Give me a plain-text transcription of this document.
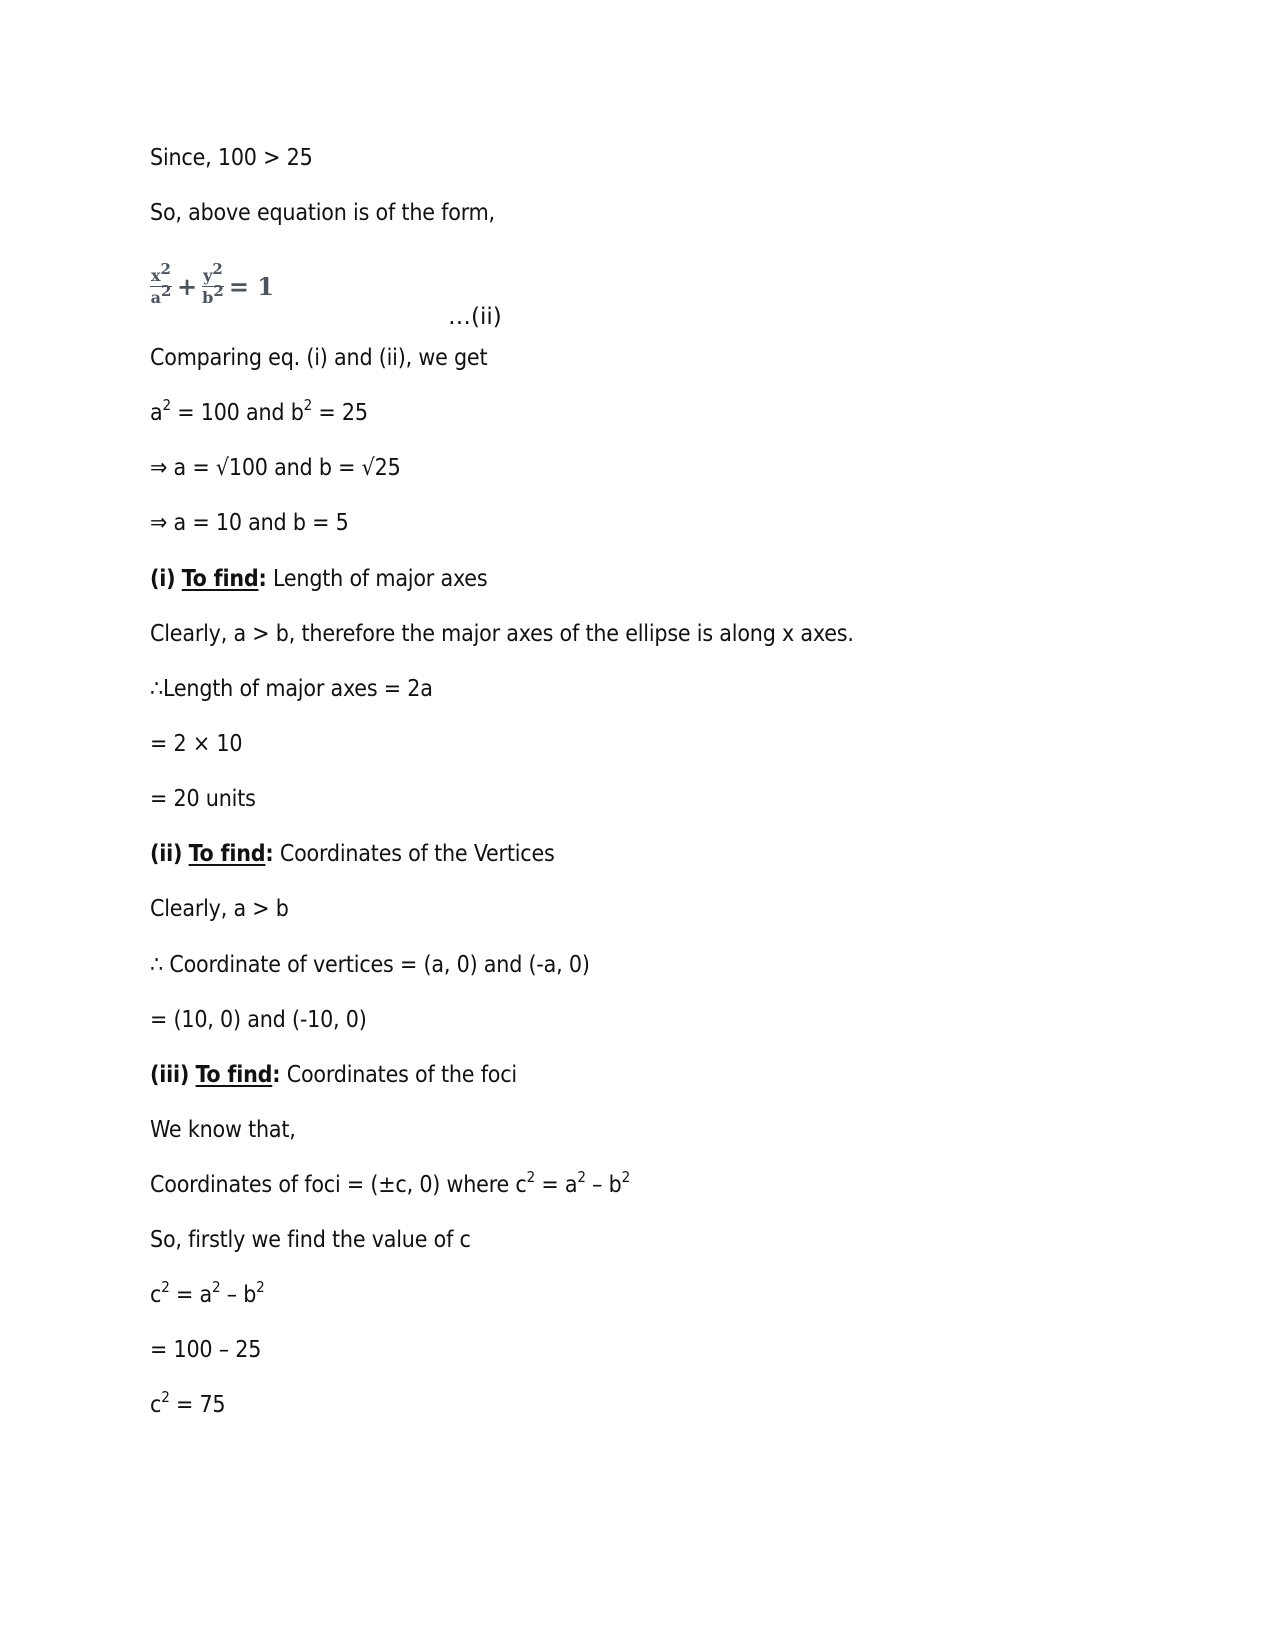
Since, 100 > 25
So, above equation is of the form,
$\frac{x^2}{a^2} + \frac{y^2}{b^2} = 1$
…(ii)
Comparing eq. (i) and (ii), we get
$a^2 = 100$ and $b^2 = 25$
⇒ a = √100 and b = √25
⇒ a = 10 and b = 5
(i) To find: Length of major axes
Clearly, a > b, therefore the major axes of the ellipse is along x axes.
∴Length of major axes = 2a
= 2 × 10
= 20 units
(ii) To find: Coordinates of the Vertices
Clearly, a > b
∴ Coordinate of vertices = (a, 0) and (-a, 0)
= (10, 0) and (-10, 0)
(iii) To find: Coordinates of the foci
We know that,
Coordinates of foci = (±c, 0) where $c^2 = a^2 - b^2$
So, firstly we find the value of c
$c^2 = a^2 - b^2$
= 100 – 25
$c^2 = 75$
